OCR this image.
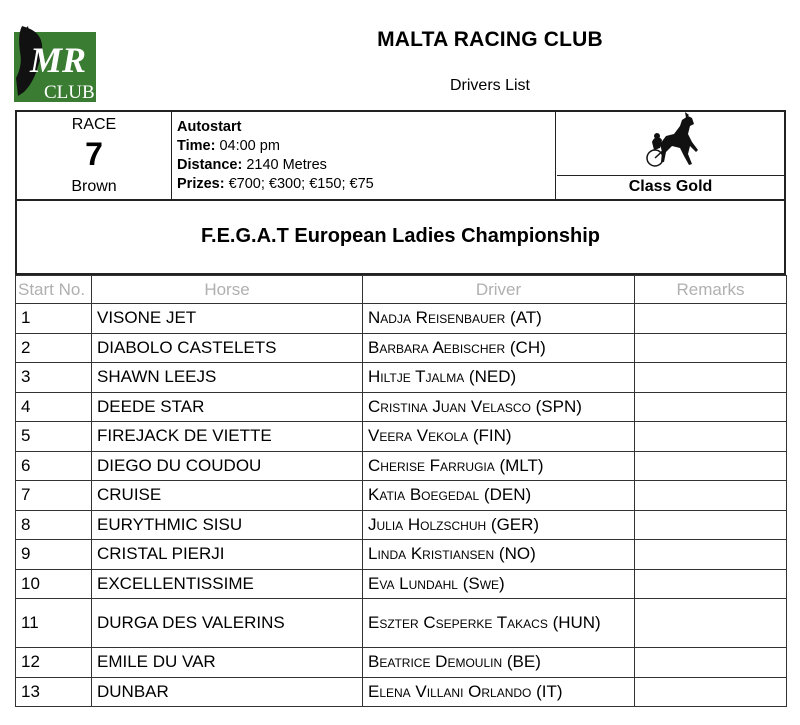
MR
CLUB
MALTA RACING CLUB
Drivers List
RACE
7
Brown
Autostart
Time: 04:00 pm
Distance: 2140 Metres
Prizes: €700; €300; €150; €75	Class Gold
F.E.G.A.T European Ladies Championship
Start No.	Horse	Driver	Remarks
1	VISONE JET	Nadja Reisenbauer (AT)	
2	DIABOLO CASTELETS	Barbara Aebischer (CH)	
3	SHAWN LEEJS	Hiltje Tjalma (NED)	
4	DEEDE STAR	Cristina Juan Velasco (SPN)	
5	FIREJACK DE VIETTE	Veera Vekola (FIN)	
6	DIEGO DU COUDOU	Cherise Farrugia (MLT)	
7	CRUISE	Katia Boegedal (DEN)	
8	EURYTHMIC SISU	Julia Holzschuh (GER)	
9	CRISTAL PIERJI	Linda Kristiansen (NO)	
10	EXCELLENTISSIME	Eva Lundahl (Swe)	
11	DURGA DES VALERINS	Eszter Cseperke Takacs (HUN)	
12	EMILE DU VAR	Beatrice Demoulin (BE)	
13	DUNBAR	Elena Villani Orlando (IT)	
